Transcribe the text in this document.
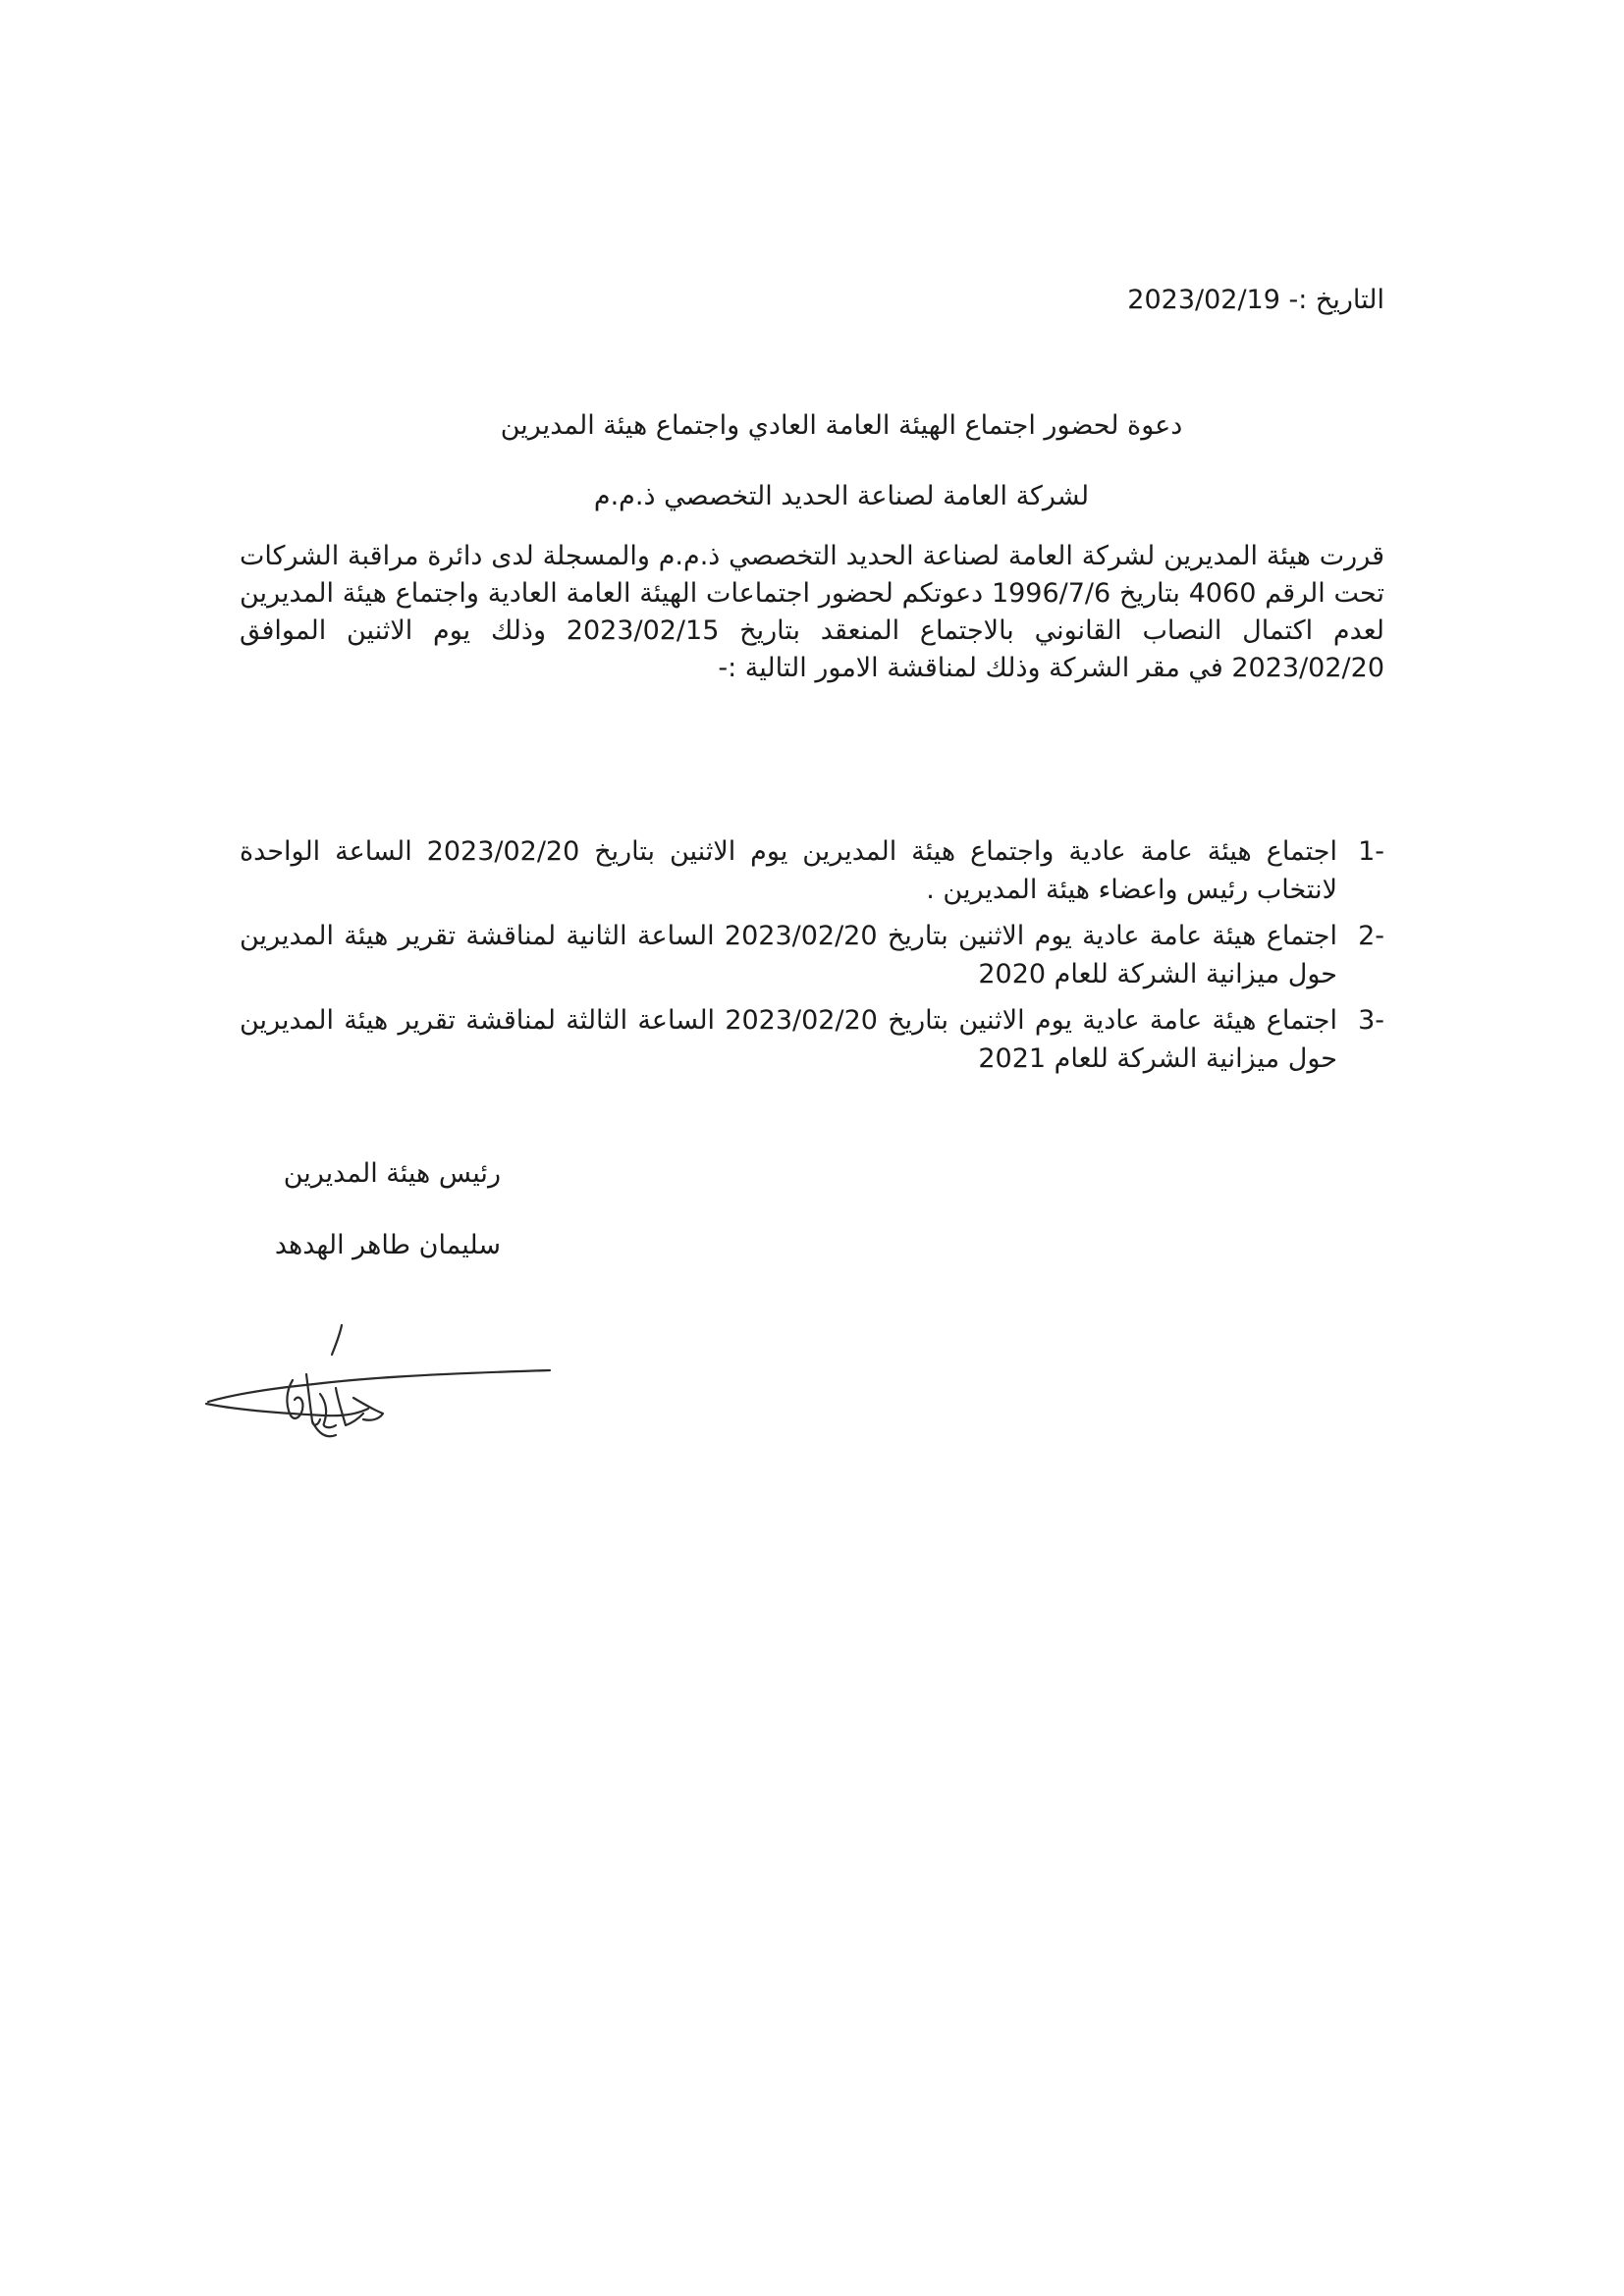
التاريخ :- 2023/02/19
دعوة لحضور اجتماع الهيئة العامة العادي واجتماع هيئة المديرين
لشركة العامة لصناعة الحديد التخصصي ذ.م.م
قررت هيئة المديرين لشركة العامة لصناعة الحديد التخصصي ذ.م.م والمسجلة لدى دائرة مراقبة الشركات تحت الرقم 4060 بتاريخ 1996/7/6 دعوتكم لحضور اجتماعات الهيئة العامة العادية واجتماع هيئة المديرين لعدم اكتمال النصاب القانوني بالاجتماع المنعقد بتاريخ 2023/02/15 وذلك يوم الاثنين الموافق 2023/02/20 في مقر الشركة وذلك لمناقشة الامور التالية :-
1-
اجتماع هيئة عامة عادية واجتماع هيئة المديرين يوم الاثنين بتاريخ 2023/02/20 الساعة الواحدة لانتخاب رئيس واعضاء هيئة المديرين .
2-
اجتماع هيئة عامة عادية يوم الاثنين بتاريخ 2023/02/20 الساعة الثانية لمناقشة تقرير هيئة المديرين حول ميزانية الشركة للعام 2020
3-
اجتماع هيئة عامة عادية يوم الاثنين بتاريخ 2023/02/20 الساعة الثالثة لمناقشة تقرير هيئة المديرين حول ميزانية الشركة للعام 2021
رئيس هيئة المديرين
سليمان طاهر الهدهد
